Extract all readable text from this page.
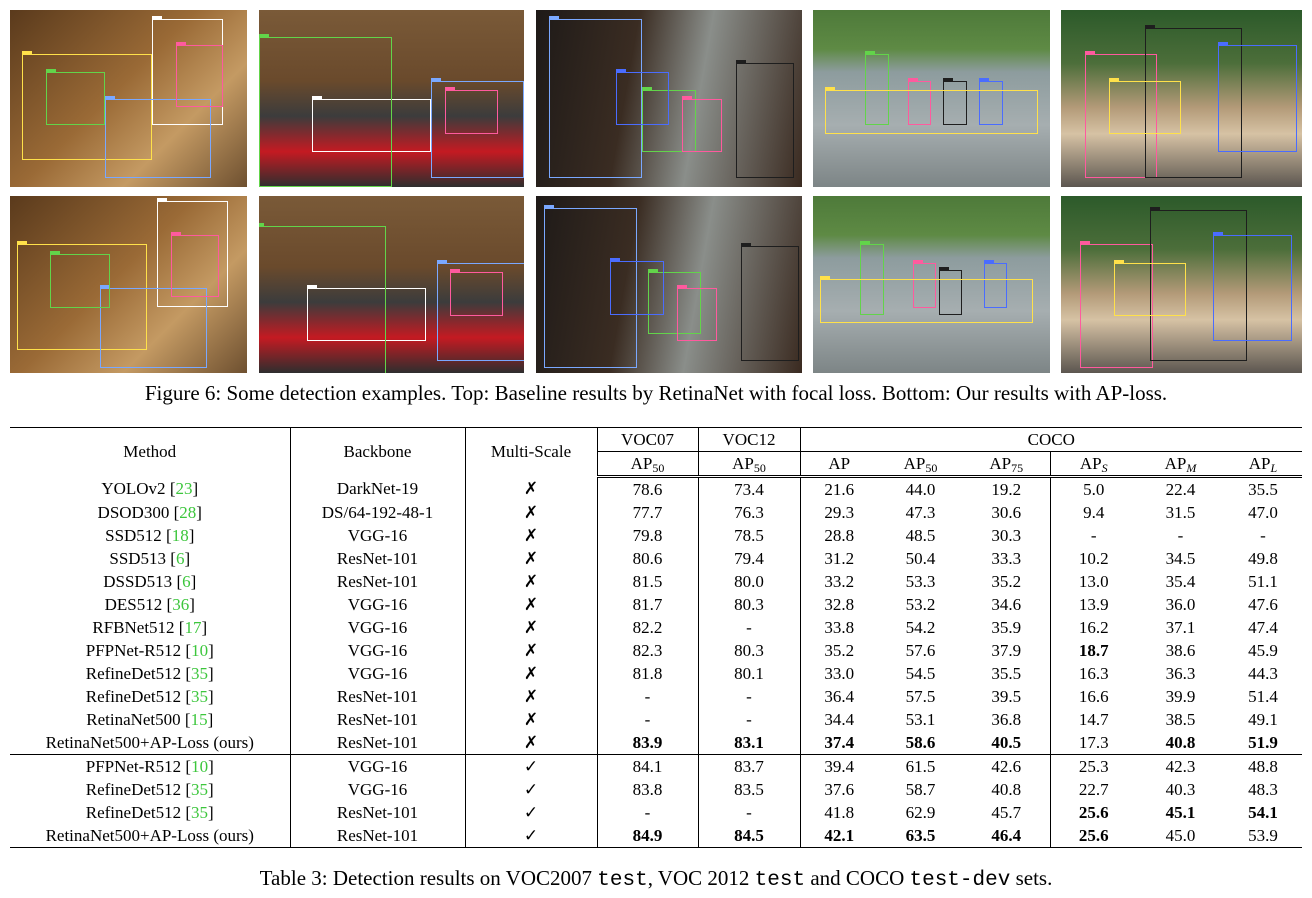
Figure 6: Some detection examples. Top: Baseline results by RetinaNet with focal loss. Bottom: Our results with AP-loss.
Method	Backbone	Multi-Scale	VOC07	VOC12	COCO					
			$AP_{50}$	$AP_{50}$	AP	$AP_{50}$	$AP_{75}$	$AP_S$	$AP_M$	$AP_L$
YOLOv2 [23]	DarkNet-19	✗	78.6	73.4	21.6	44.0	19.2	5.0	22.4	35.5
DSOD300 [28]	DS/64-192-48-1	✗	77.7	76.3	29.3	47.3	30.6	9.4	31.5	47.0
SSD512 [18]	VGG-16	✗	79.8	78.5	28.8	48.5	30.3	-	-	-
SSD513 [6]	ResNet-101	✗	80.6	79.4	31.2	50.4	33.3	10.2	34.5	49.8
DSSD513 [6]	ResNet-101	✗	81.5	80.0	33.2	53.3	35.2	13.0	35.4	51.1
DES512 [36]	VGG-16	✗	81.7	80.3	32.8	53.2	34.6	13.9	36.0	47.6
RFBNet512 [17]	VGG-16	✗	82.2	-	33.8	54.2	35.9	16.2	37.1	47.4
PFPNet-R512 [10]	VGG-16	✗	82.3	80.3	35.2	57.6	37.9	18.7	38.6	45.9
RefineDet512 [35]	VGG-16	✗	81.8	80.1	33.0	54.5	35.5	16.3	36.3	44.3
RefineDet512 [35]	ResNet-101	✗	-	-	36.4	57.5	39.5	16.6	39.9	51.4
RetinaNet500 [15]	ResNet-101	✗	-	-	34.4	53.1	36.8	14.7	38.5	49.1
RetinaNet500+AP-Loss (ours)	ResNet-101	✗	83.9	83.1	37.4	58.6	40.5	17.3	40.8	51.9
PFPNet-R512 [10]	VGG-16	✓	84.1	83.7	39.4	61.5	42.6	25.3	42.3	48.8
RefineDet512 [35]	VGG-16	✓	83.8	83.5	37.6	58.7	40.8	22.7	40.3	48.3
RefineDet512 [35]	ResNet-101	✓	-	-	41.8	62.9	45.7	25.6	45.1	54.1
RetinaNet500+AP-Loss (ours)	ResNet-101	✓	84.9	84.5	42.1	63.5	46.4	25.6	45.0	53.9
Table 3: Detection results on VOC2007 test, VOC 2012 test and COCO test-dev sets.
